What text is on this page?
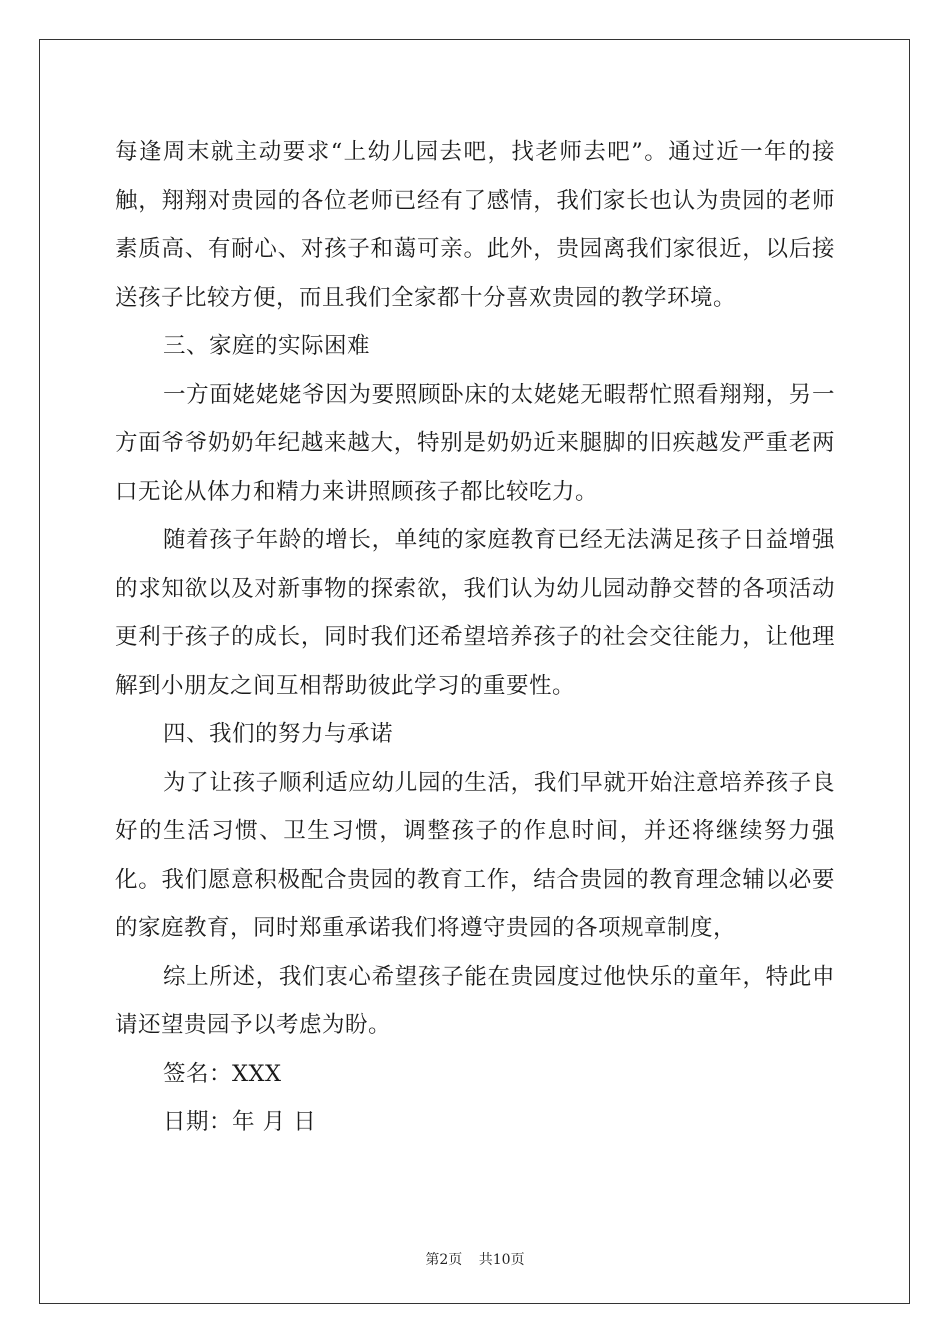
每逢周末就主动要求“上幼儿园去吧，找老师去吧”。通过近一年的接触，翔翔对贵园的各位老师已经有了感情，我们家长也认为贵园的老师素质高、有耐心、对孩子和蔼可亲。此外，贵园离我们家很近，以后接送孩子比较方便，而且我们全家都十分喜欢贵园的教学环境。

三、家庭的实际困难

一方面姥姥姥爷因为要照顾卧床的太姥姥无暇帮忙照看翔翔，另一方面爷爷奶奶年纪越来越大，特别是奶奶近来腿脚的旧疾越发严重老两口无论从体力和精力来讲照顾孩子都比较吃力。

随着孩子年龄的增长，单纯的家庭教育已经无法满足孩子日益增强的求知欲以及对新事物的探索欲，我们认为幼儿园动静交替的各项活动更利于孩子的成长，同时我们还希望培养孩子的社会交往能力，让他理解到小朋友之间互相帮助彼此学习的重要性。

四、我们的努力与承诺

为了让孩子顺利适应幼儿园的生活，我们早就开始注意培养孩子良好的生活习惯、卫生习惯，调整孩子的作息时间，并还将继续努力强化。我们愿意积极配合贵园的教育工作，结合贵园的教育理念辅以必要的家庭教育，同时郑重承诺我们将遵守贵园的各项规章制度，

综上所述，我们衷心希望孩子能在贵园度过他快乐的童年，特此申请还望贵园予以考虑为盼。

签名：XXX

日期：年 月 日

第2页 共10页
